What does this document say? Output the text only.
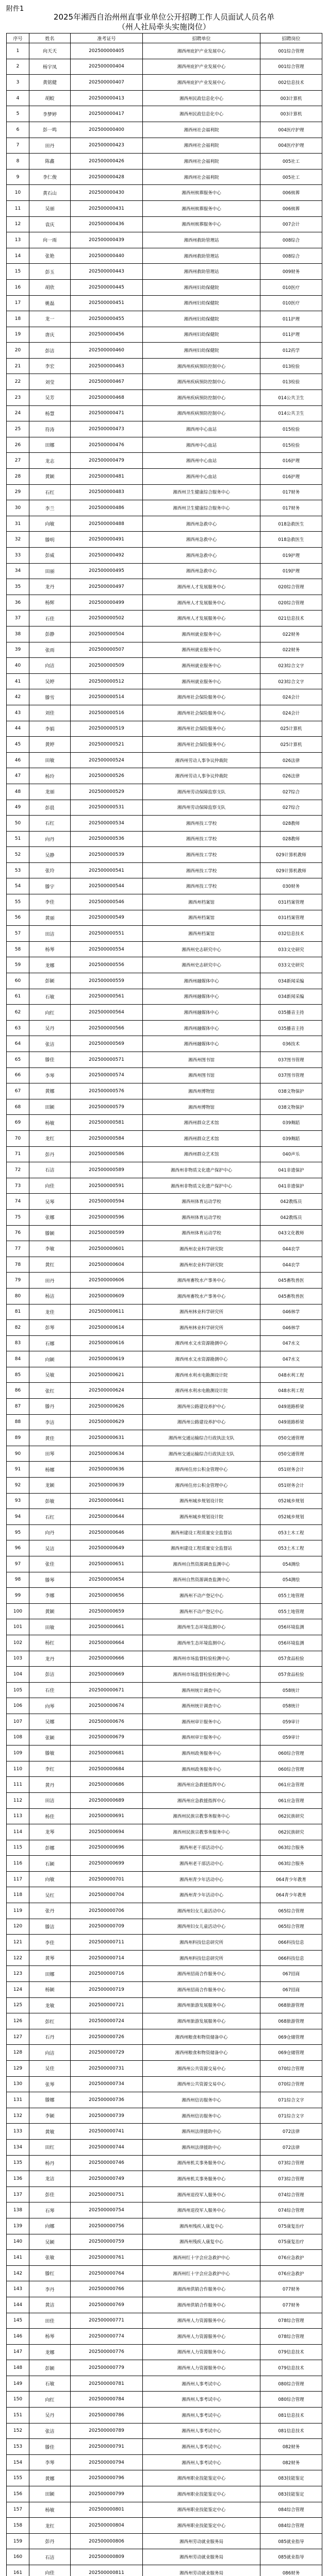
附件1
2025年湘西自治州州直事业单位公开招聘工作人员面试人员名单
（州人社局牵头实施岗位）
序号	姓名	准考证号	招聘单位	招聘岗位
1	向天天	202500000405	湘西州庇护产业发展中心	001综合管理
2	杨宇凤	202500000404	湘西州庇护产业发展中心	001综合管理
3	黄铭健	202500000407	湘西州庇护产业发展中心	002信息技术
4	胡蛟	202500000413	湘西州民政信息化中心	003计算机
5	李梦婷	202500000417	湘西州民政信息化中心	003计算机
6	彭一鸣	202500000400	湘西州社会福利院	004医疗护理
7	田丹	202500000423	湘西州社会福利院	004医疗护理
8	陈鑫	202500000426	湘西州社会福利院	005社工
9	李仁俊	202500000428	湘西州社会福利院	005社工
10	黄石山	202500000430	湘西州殡葬服务中心	006殡葬
11	吴丽	202500000431	湘西州殡葬服务中心	006殡葬
12	袁庆	202500000436	湘西州殡葬服务中心	007会计
13	向一雨	202500000439	湘西州救助管理站	008综合
14	张艳	202500000440	湘西州救助管理站	008综合
15	彭玉	202500000443	湘西州救助管理站	009财务
16	胡欣	202500000445	湘西州妇幼保健院	010医疗
17	姚磊	202500000451	湘西州妇幼保健院	010医疗
18	龙一	202500000455	湘西州妇幼保健院	011护理
19	唐庆	202500000456	湘西州妇幼保健院	011护理
20	彭洁	202500000460	湘西州妇幼保健院	012药学
21	李宏	202500000463	湘西州疾病预防控制中心	013检验
22	刘莹	202500000467	湘西州疾病预防控制中心	013检验
23	吴芳	202500000468	湘西州疾病预防控制中心	014公共卫生
24	杨慧	202500000471	湘西州疾病预防控制中心	014公共卫生
25	符涛	202500000473	湘西州中心血站	015检验
26	田娜	202500000476	湘西州中心血站	015检验
27	龙志	202500000479	湘西州中心血站	016护理
28	黄颖	202500000481	湘西州中心血站	016护理
29	石红	202500000483	湘西州卫生健康综合服务中心	017财务
30	李兰	202500000486	湘西州卫生健康综合服务中心	017财务
31	向敏	202500000488	湘西州急救中心	018急救医生
32	滕明	202500000491	湘西州急救中心	018急救医生
33	彭威	202500000492	湘西州急救中心	019护理
34	田丽	202500000495	湘西州急救中心	019护理
35	龙丹	202500000497	湘西州人才发展服务中心	020综合管理
36	杨辉	202500000499	湘西州人才发展服务中心	020综合管理
37	石佳	202500000502	湘西州人才发展服务中心	021信息技术
38	彭静	202500000504	湘西州就业服务中心	022财务
39	张雨	202500000507	湘西州就业服务中心	022财务
40	向洁	202500000509	湘西州就业服务中心	023综合文字
41	吴婷	202500000512	湘西州就业服务中心	023综合文字
42	滕雪	202500000514	湘西州社会保险服务中心	024会计
43	刘佳	202500000516	湘西州社会保险服务中心	024会计
44	李娟	202500000519	湘西州社会保险服务中心	025计算机
45	黄婷	202500000521	湘西州社会保险服务中心	025计算机
46	田敏	202500000524	湘西州劳动人事争议仲裁院	026法律
47	杨玲	202500000526	湘西州劳动人事争议仲裁院	026法律
48	龙丽	202500000529	湘西州劳动保障监察支队	027综合
49	彭晨	202500000531	湘西州劳动保障监察支队	027综合
50	石红	202500000534	湘西州技工学校	028教师
51	向丹	202500000536	湘西州技工学校	028教师
52	吴静	202500000539	湘西州技工学校	029计算机教师
53	张玲	202500000541	湘西州技工学校	029计算机教师
54	滕宇	202500000544	湘西州技工学校	030财务
55	李佳	202500000546	湘西州档案馆	031档案管理
56	黄丽	202500000549	湘西州档案馆	031档案管理
57	田洁	202500000551	湘西州档案馆	032信息技术
58	杨琴	202500000554	湘西州史志研究中心	033文史研究
59	龙娜	202500000556	湘西州史志研究中心	033文史研究
60	彭颖	202500000559	湘西州融媒体中心	034新闻采编
61	石敏	202500000561	湘西州融媒体中心	034新闻采编
62	向红	202500000564	湘西州融媒体中心	035播音主持
63	吴丹	202500000566	湘西州融媒体中心	035播音主持
64	张洁	202500000569	湘西州融媒体中心	036技术
65	滕佳	202500000571	湘西州图书馆	037图书管理
66	李琴	202500000574	湘西州图书馆	037图书管理
67	黄娜	202500000576	湘西州博物馆	038文物保护
68	田颖	202500000579	湘西州博物馆	038文物保护
69	杨敏	202500000581	湘西州群众艺术馆	039舞蹈
70	龙红	202500000584	湘西州群众艺术馆	039舞蹈
71	彭丹	202500000586	湘西州群众艺术馆	040声乐
72	石洁	202500000589	湘西州非物质文化遗产保护中心	041非遗保护
73	向佳	202500000591	湘西州非物质文化遗产保护中心	041非遗保护
74	吴琴	202500000594	湘西州体育运动学校	042教练员
75	张娜	202500000596	湘西州体育运动学校	042教练员
76	滕颖	202500000599	湘西州体育运动学校	043文化教师
77	李敏	202500000601	湘西州农业科学研究院	044农学
78	黄红	202500000604	湘西州农业科学研究院	044农学
79	田丹	202500000606	湘西州畜牧水产事务中心	045畜牧兽医
80	杨洁	202500000609	湘西州畜牧水产事务中心	045畜牧兽医
81	龙佳	202500000611	湘西州林业科学研究所	046林学
82	彭琴	202500000614	湘西州林业科学研究所	046林学
83	石娜	202500000616	湘西州水文水资源勘测中心	047水文
84	向颖	202500000619	湘西州水文水资源勘测中心	047水文
85	吴敏	202500000621	湘西州水利水电勘测设计院	048水利工程
86	张红	202500000624	湘西州水利水电勘测设计院	048水利工程
87	滕丹	202500000626	湘西州公路建设养护中心	049道路桥梁
88	李洁	202500000629	湘西州公路建设养护中心	049道路桥梁
89	黄佳	202500000631	湘西州交通运输综合行政执法支队	050交通管理
90	田琴	202500000634	湘西州交通运输综合行政执法支队	050交通管理
91	杨娜	202500000636	湘西州住房公积金管理中心	051财务会计
92	龙颖	202500000639	湘西州住房公积金管理中心	051财务会计
93	彭敏	202500000641	湘西州城乡规划设计院	052城乡规划
94	石红	202500000644	湘西州城乡规划设计院	052城乡规划
95	向丹	202500000646	湘西州建设工程质量安全监督站	053土木工程
96	吴洁	202500000649	湘西州建设工程质量安全监督站	053土木工程
97	张佳	202500000651	湘西州自然资源调查监测中心	054测绘
98	滕琴	202500000654	湘西州自然资源调查监测中心	054测绘
99	李娜	202500000656	湘西州不动产登记中心	055土地管理
100	黄颖	202500000659	湘西州不动产登记中心	055土地管理
101	田敏	202500000661	湘西州生态环境监测中心	056环境监测
102	杨红	202500000664	湘西州生态环境监测中心	056环境监测
103	龙丹	202500000666	湘西州市场监督检验检测中心	057食品检验
104	彭洁	202500000669	湘西州市场监督检验检测中心	057食品检验
105	石佳	202500000671	湘西州统计调查中心	058统计
106	向琴	202500000674	湘西州统计调查中心	058统计
107	吴娜	202500000676	湘西州审计服务中心	059审计
108	张颖	202500000679	湘西州审计服务中心	059审计
109	滕敏	202500000681	湘西州政务服务中心	060综合管理
110	李红	202500000684	湘西州政务服务中心	060综合管理
111	黄丹	202500000686	湘西州应急救援指挥中心	061应急管理
112	田洁	202500000689	湘西州应急救援指挥中心	061应急管理
113	杨佳	202500000691	湘西州民族宗教事务服务中心	062民族研究
114	龙琴	202500000694	湘西州民族宗教事务服务中心	062民族研究
115	彭娜	202500000696	湘西州老干部活动中心	063综合服务
116	石颖	202500000699	湘西州老干部活动中心	063综合服务
117	向敏	202500000701	湘西州青少年活动中心	064青少年教育
118	吴红	202500000704	湘西州青少年活动中心	064青少年教育
119	张丹	202500000706	湘西州妇女儿童活动中心	065综合管理
120	滕洁	202500000709	湘西州妇女儿童活动中心	065综合管理
121	李佳	202500000711	湘西州科技信息研究所	066科技信息
122	黄琴	202500000714	湘西州科技信息研究所	066科技信息
123	田娜	202500000716	湘西州招商合作服务中心	067招商
124	杨颖	202500000719	湘西州招商合作服务中心	067招商
125	龙敏	202500000721	湘西州旅游发展服务中心	068旅游管理
126	彭红	202500000724	湘西州旅游发展服务中心	068旅游管理
127	石丹	202500000726	湘西州粮食和物资储备中心	069仓储管理
128	向洁	202500000729	湘西州粮食和物资储备中心	069仓储管理
129	吴佳	202500000731	湘西州公共资源交易中心	070综合管理
130	张琴	202500000734	湘西州公共资源交易中心	070综合管理
131	滕娜	202500000736	湘西州信访服务中心	071综合文字
132	李颖	202500000739	湘西州信访服务中心	071综合文字
133	黄敏	202500000741	湘西州法律援助中心	072法律
134	田红	202500000744	湘西州法律援助中心	072法律
135	杨丹	202500000746	湘西州机关事务服务中心	073综合管理
136	龙洁	202500000749	湘西州机关事务服务中心	073综合管理
137	彭佳	202500000751	湘西州退役军人服务中心	074综合管理
138	石琴	202500000754	湘西州退役军人服务中心	074综合管理
139	向娜	202500000756	湘西州残疾人康复中心	075康复治疗
140	吴颖	202500000759	湘西州残疾人康复中心	075康复治疗
141	张敏	202500000761	湘西州红十字会应急救护中心	076应急救护
142	滕红	202500000764	湘西州红十字会应急救护中心	076应急救护
143	李丹	202500000766	湘西州供销合作服务中心	077财务
144	黄洁	202500000769	湘西州供销合作服务中心	077财务
145	田佳	202500000771	湘西州人力资源服务中心	078综合管理
146	杨琴	202500000774	湘西州人力资源服务中心	078综合管理
147	龙娜	202500000776	湘西州人力资源服务中心	079信息技术
148	彭颖	202500000779	湘西州人力资源服务中心	079信息技术
149	石敏	202500000781	湘西州人事考试中心	080综合管理
150	向红	202500000784	湘西州人事考试中心	080综合管理
151	吴丹	202500000786	湘西州人事考试中心	081信息技术
152	张洁	202500000789	湘西州人事考试中心	081信息技术
153	滕佳	202500000791	湘西州人事考试中心	082财务
154	李琴	202500000794	湘西州人事考试中心	082财务
155	黄娜	202500000796	湘西州职业技能鉴定中心	083技能鉴定
156	田颖	202500000799	湘西州职业技能鉴定中心	083技能鉴定
157	杨敏	202500000801	湘西州职业技能鉴定中心	084综合管理
158	龙红	202500000804	湘西州职业技能鉴定中心	084综合管理
159	彭丹	202500000806	湘西州劳动就业服务局	085就业指导
160	石洁	202500000809	湘西州劳动就业服务局	085就业指导
161	向佳	202500000811	湘西州劳动就业服务局	086财务
